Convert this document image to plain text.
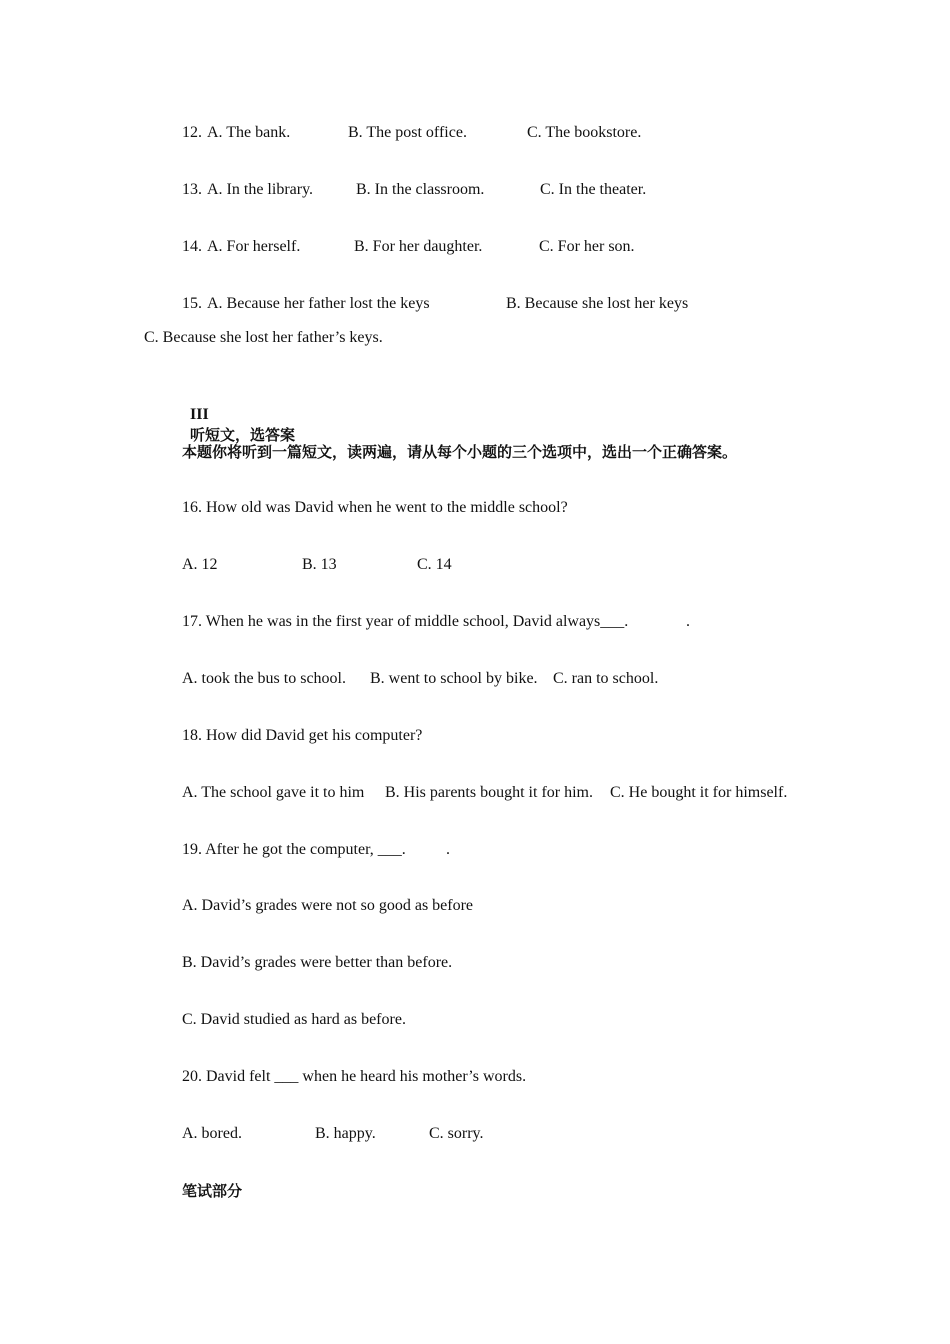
12. A. The bank.	B. The post office.	C. The bookstore.
13. A. In the library.	B. In the classroom.	C. In the theater.
14. A. For herself.	B. For her daughter.	C. For her son.
15. A. Because her father lost the keys	B. Because she lost her keys
C. Because she lost her father’s keys.

III
听短文，选答案

本题你将听到一篇短文，读两遍，请从每个小题的三个选项中，选出一个正确答案。
16. How old was David when he went to the middle school?
A. 12	B. 13	C. 14
17. When he was in the first year of middle school, David always___.	.
A. took the bus to school. B. went to school by bike. C. ran to school.
18. How did David get his computer?
A. The school gave it to him B. His parents bought it for him. C. He bought it for himself.
19. After he got the computer, ___.	.
A. David’s grades were not so good as before
B. David’s grades were better than before.
C. David studied as hard as before.
20. David felt ___ when he heard his mother’s words.
A. bored.	B. happy.	C. sorry.
笔试部分
